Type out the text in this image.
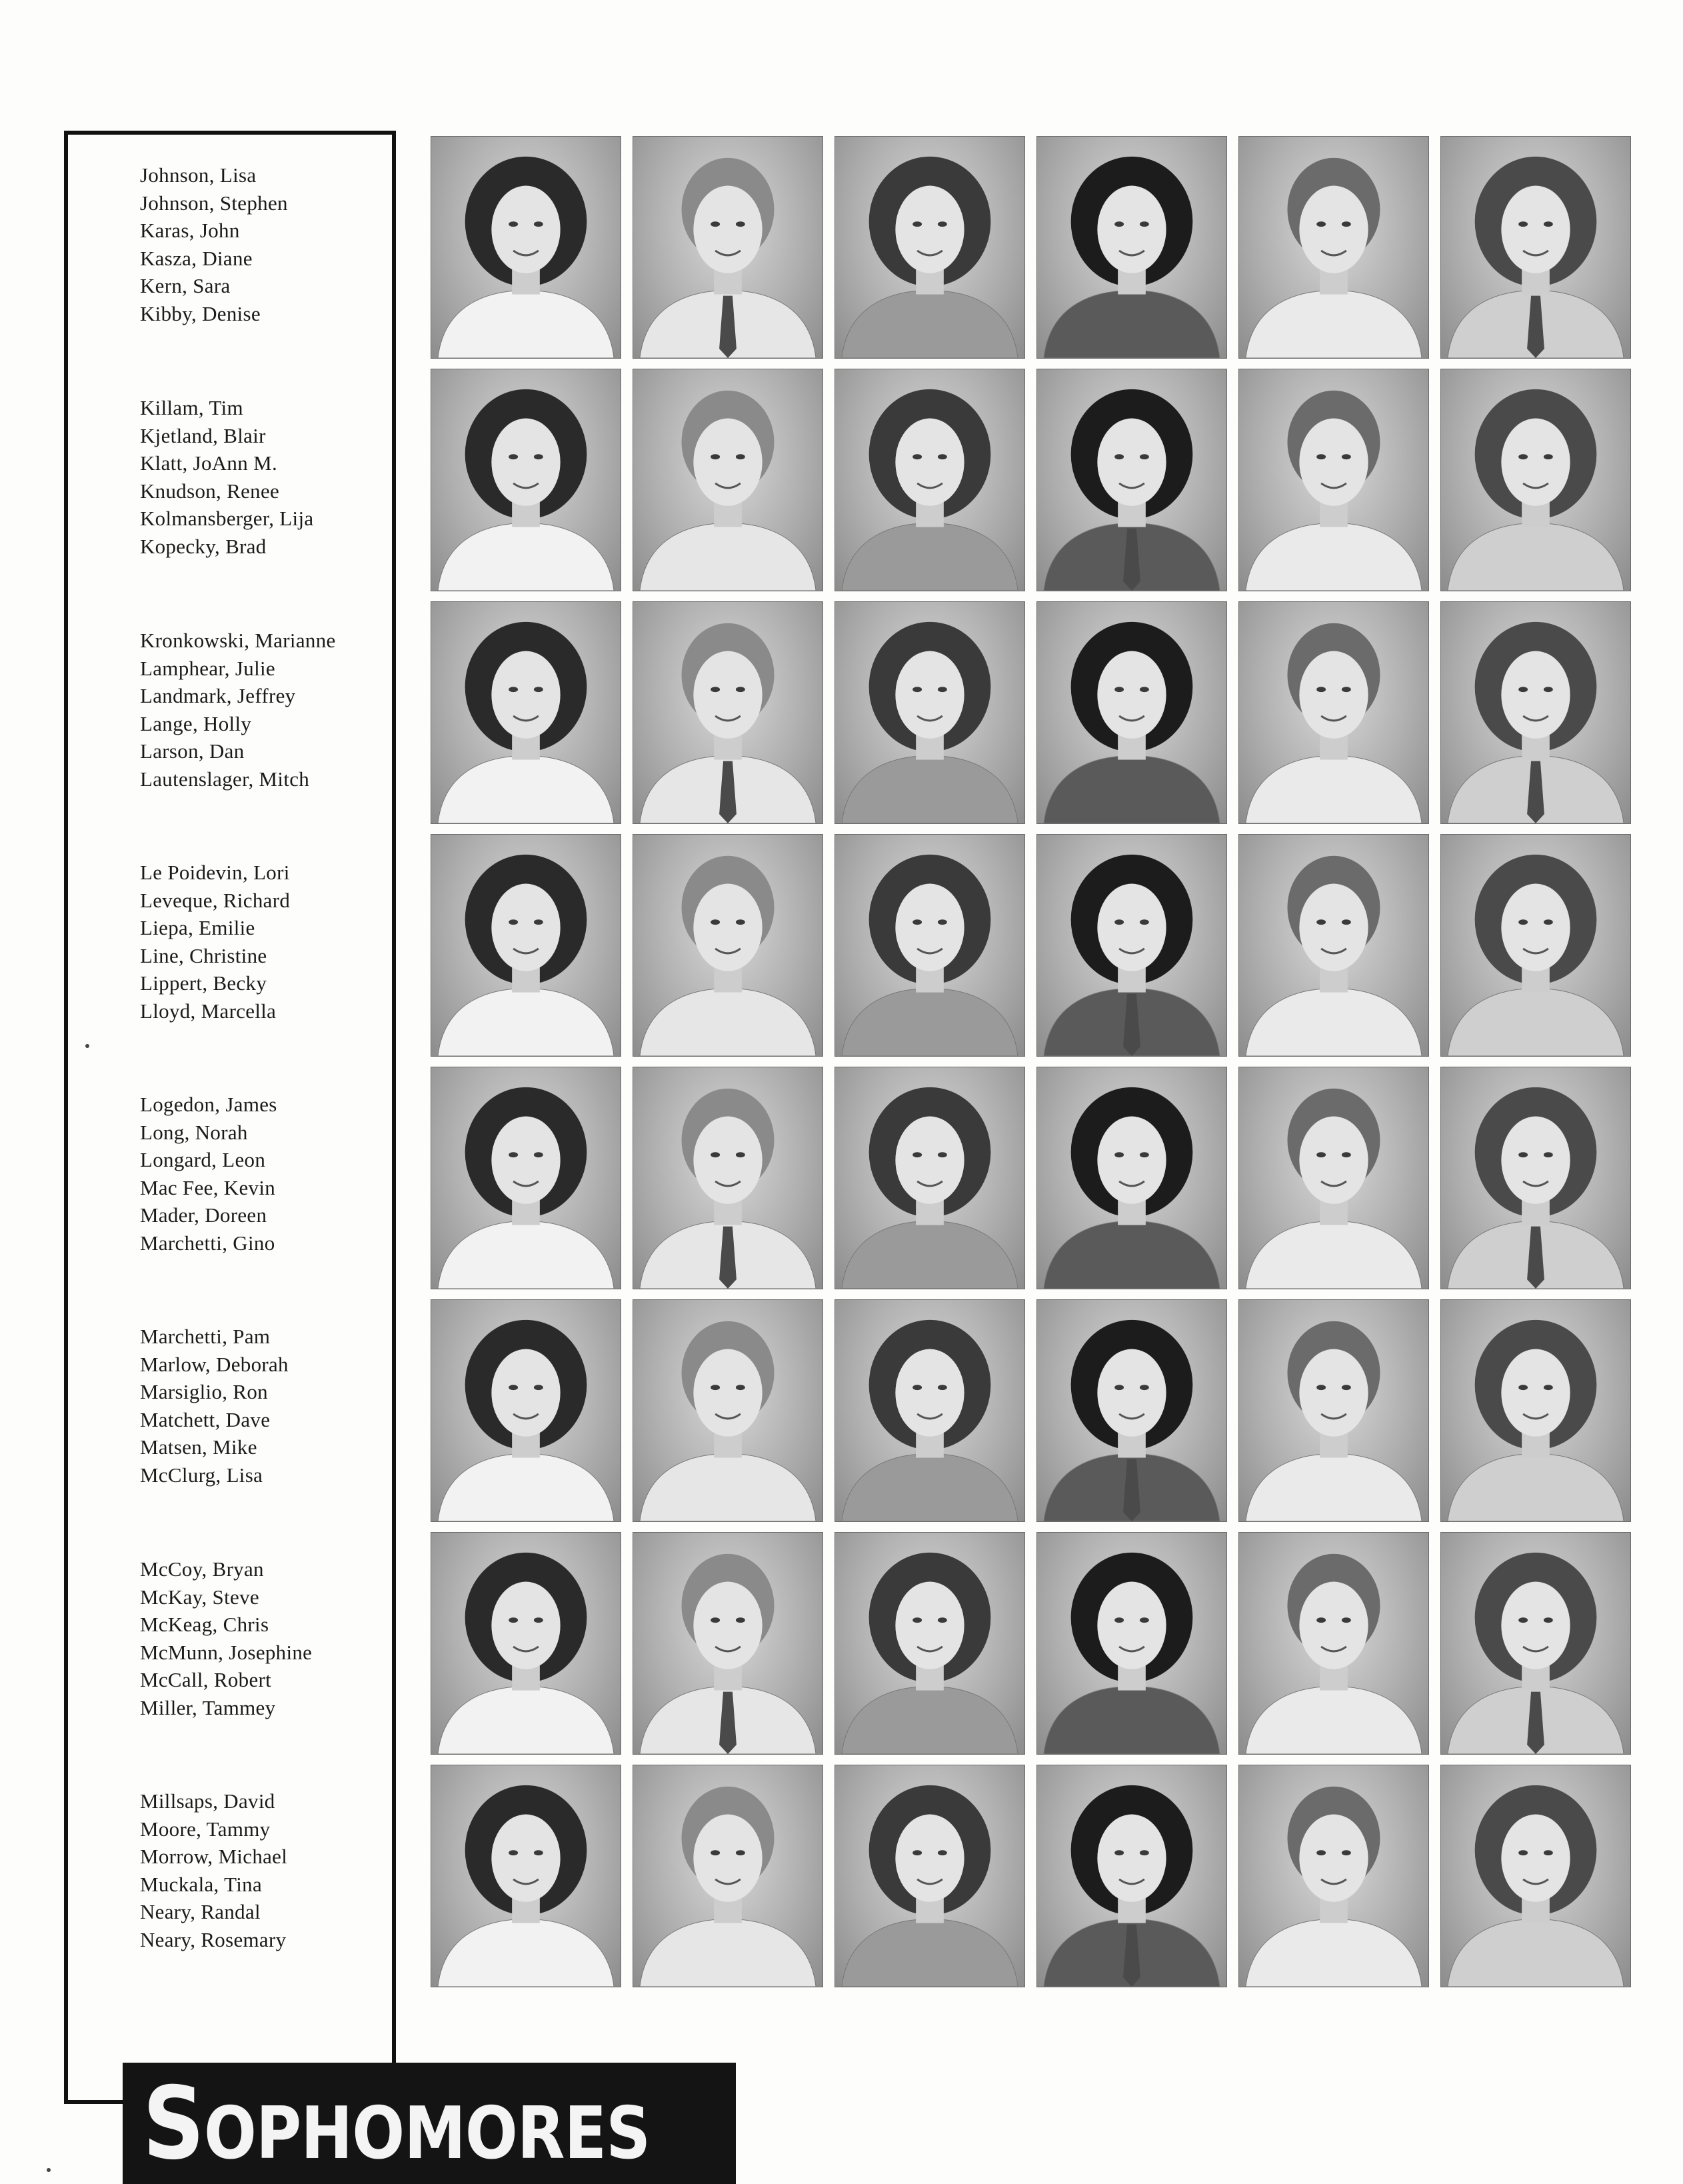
Johnson, Lisa
Johnson, Stephen
Karas, John
Kasza, Diane
Kern, Sara
Kibby, Denise
Killam, Tim
Kjetland, Blair
Klatt, JoAnn M.
Knudson, Renee
Kolmansberger, Lija
Kopecky, Brad
Kronkowski, Marianne
Lamphear, Julie
Landmark, Jeffrey
Lange, Holly
Larson, Dan
Lautenslager, Mitch
Le Poidevin, Lori
Leveque, Richard
Liepa, Emilie
Line, Christine
Lippert, Becky
Lloyd, Marcella
Logedon, James
Long, Norah
Longard, Leon
Mac Fee, Kevin
Mader, Doreen
Marchetti, Gino
Marchetti, Pam
Marlow, Deborah
Marsiglio, Ron
Matchett, Dave
Matsen, Mike
McClurg, Lisa
McCoy, Bryan
McKay, Steve
McKeag, Chris
McMunn, Josephine
McCall, Robert
Miller, Tammey
Millsaps, David
Moore, Tammy
Morrow, Michael
Muckala, Tina
Neary, Randal
Neary, Rosemary
SOPHOMORES
